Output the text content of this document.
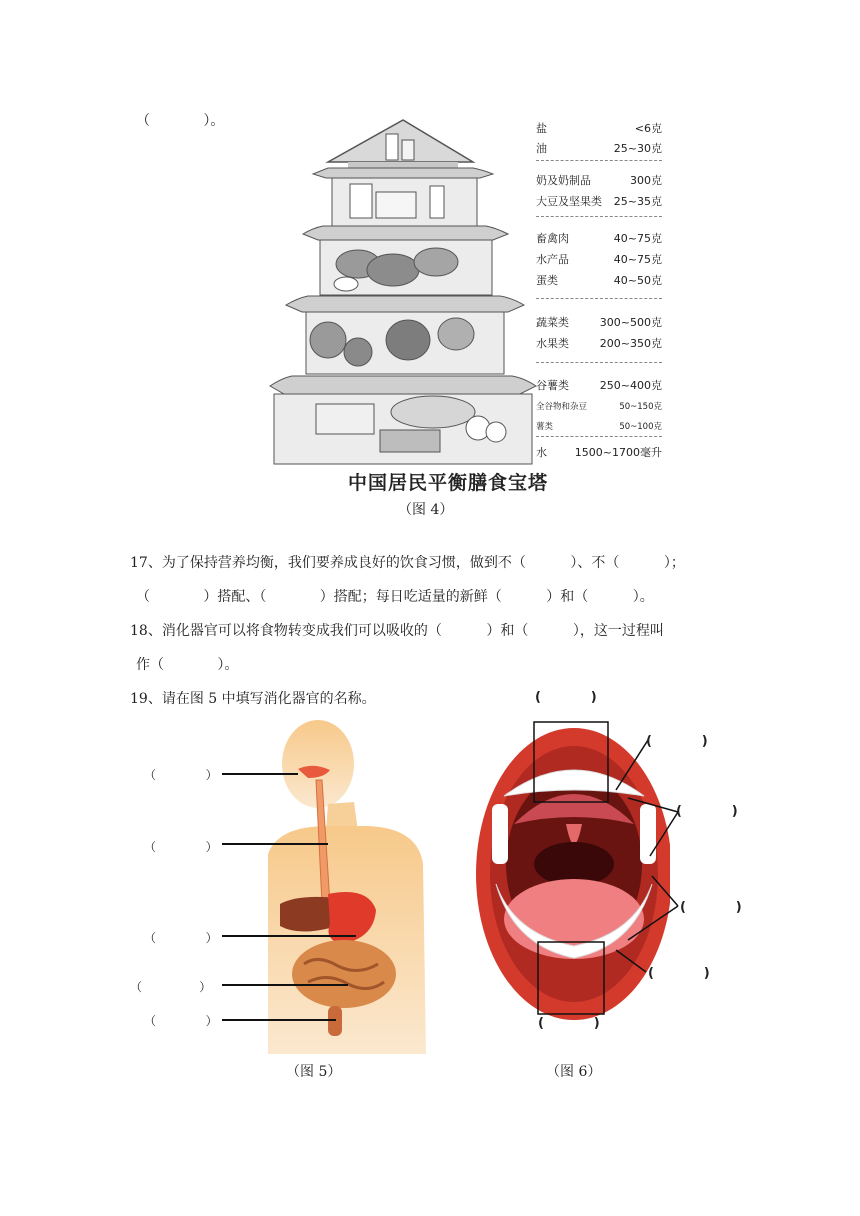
（            ）。	盐	<6克
油	25~30克
奶及奶制品	300克
大豆及坚果类 25~35克
畜禽肉	40~75克
水产品	40~75克
蛋类	40~50克
蔬菜类	300~500克
水果类	200~350克
谷薯类	250~400克
全谷物和杂豆	50~150克
薯类	50~100克
水	1500~1700毫升
中国居民平衡膳食宝塔
（图 4）
17、为了保持营养均衡，我们要养成良好的饮食习惯，做到不（          ）、不（          ）；
（            ）搭配、（            ）搭配；每日吃适量的新鲜（          ）和（          ）。
18、消化器官可以将食物转变成我们可以吸收的（          ）和（          ），这一过程叫
作（            ）。
19、请在图 5 中填写消化器官的名称。
（             ）
（             ）
（             ）
（               ）
（             ）
（图 5）
(           )
(           )
(           )
(           )
(           )
(           )
（图 6）
